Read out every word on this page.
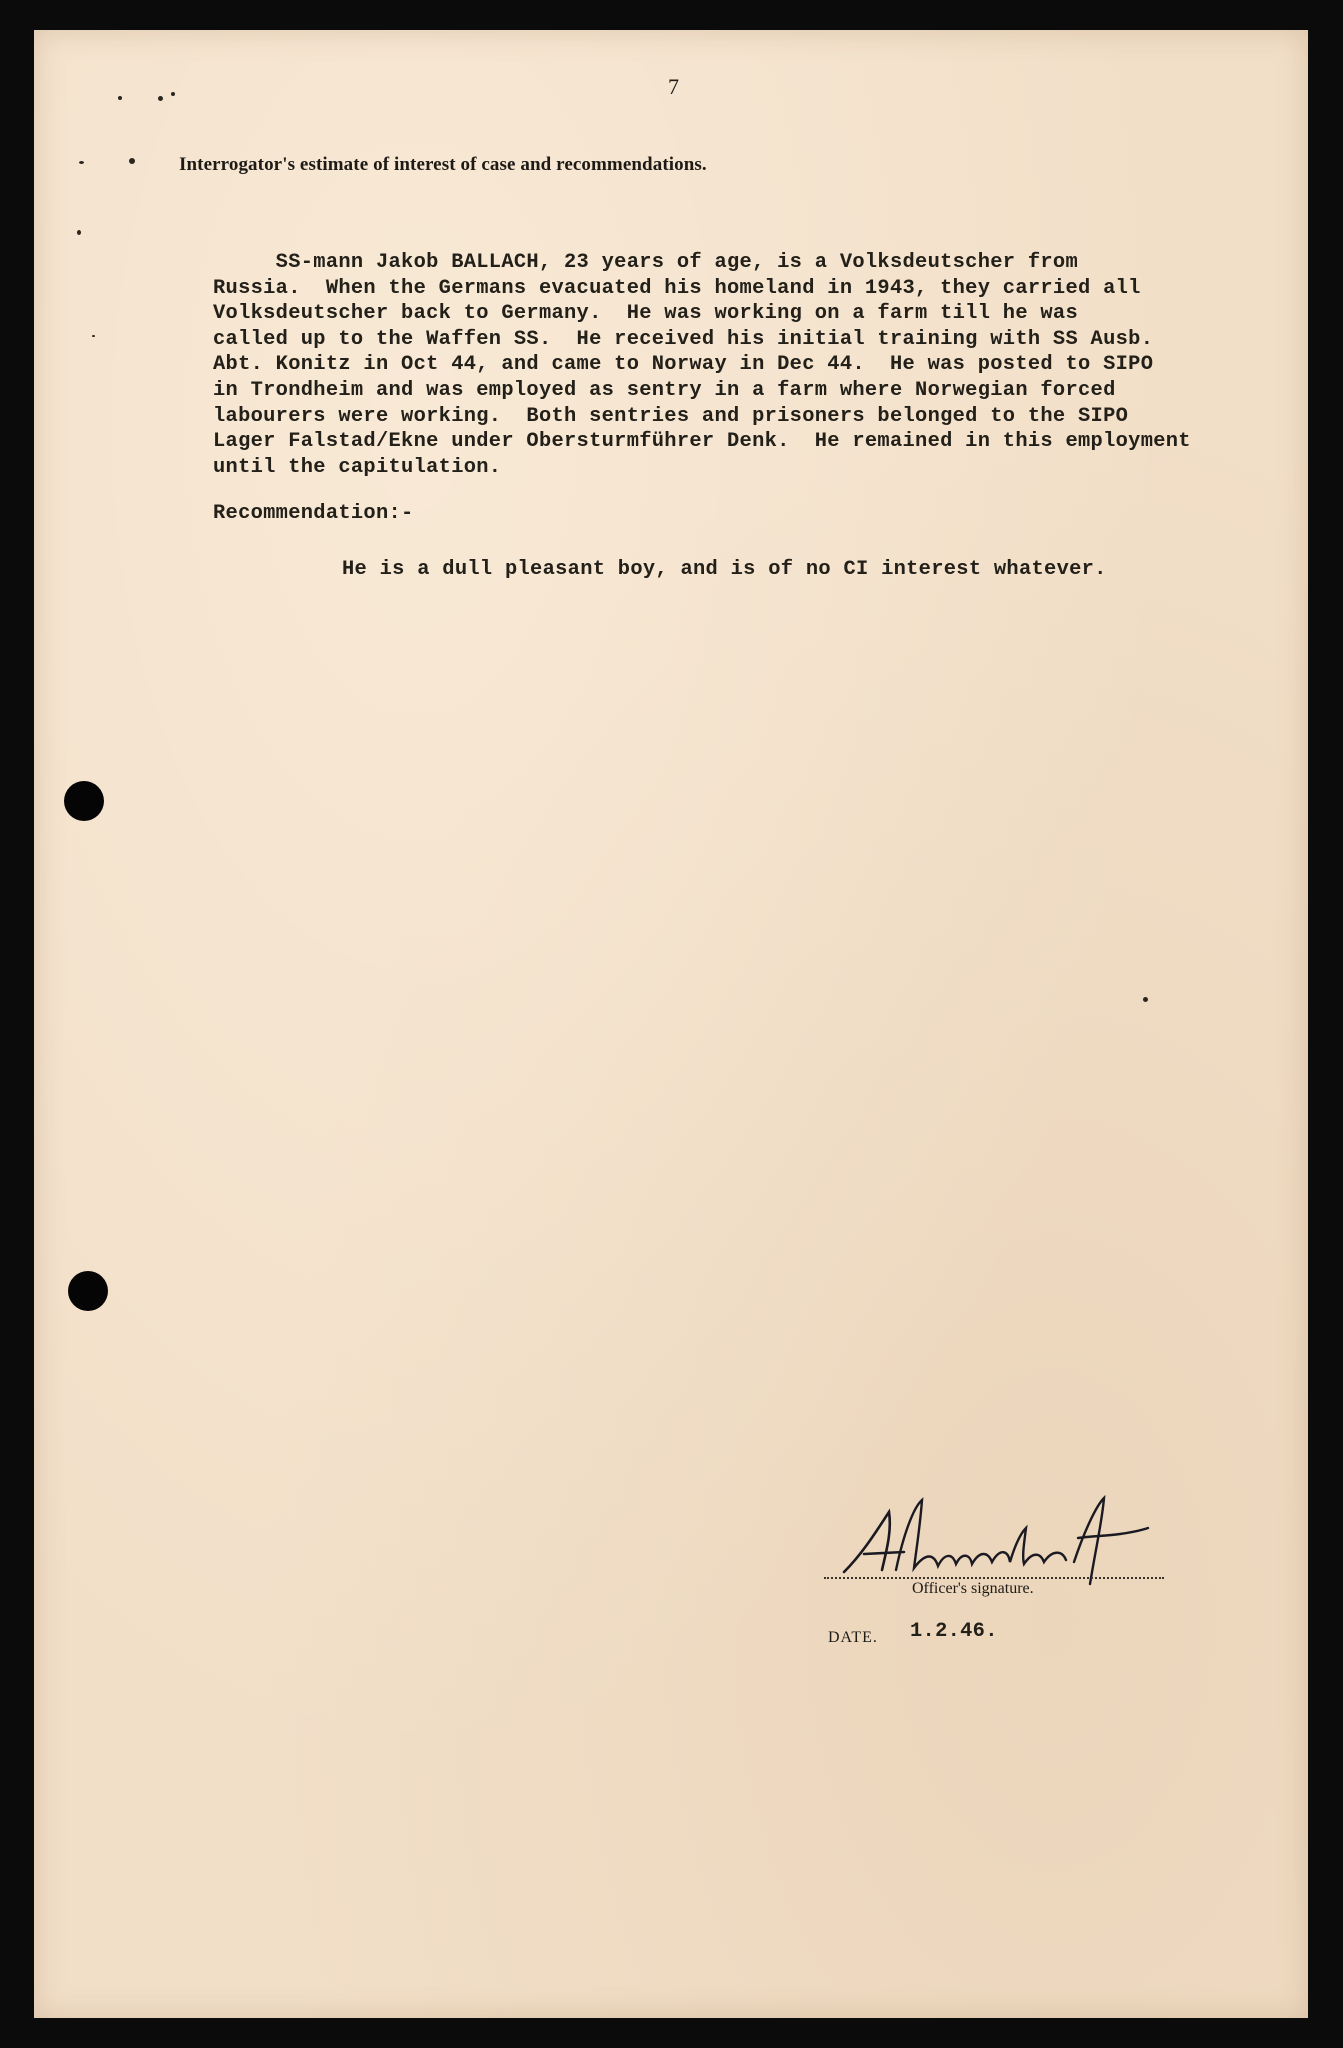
7
Interrogator's estimate of interest of case and recommendations.
SS-mann Jakob BALLACH, 23 years of age, is a Volksdeutscher from
Russia.  When the Germans evacuated his homeland in 1943, they carried all
Volksdeutscher back to Germany.  He was working on a farm till he was
called up to the Waffen SS.  He received his initial training with SS Ausb.
Abt. Konitz in Oct 44, and came to Norway in Dec 44.  He was posted to SIPO
in Trondheim and was employed as sentry in a farm where Norwegian forced
labourers were working.  Both sentries and prisoners belonged to the SIPO
Lager Falstad/Ekne under Obersturmführer Denk.  He remained in this employment
until the capitulation.
Recommendation:-
He is a dull pleasant boy, and is of no CI interest whatever.
Officer's signature.
DATE. 1.2.46.
